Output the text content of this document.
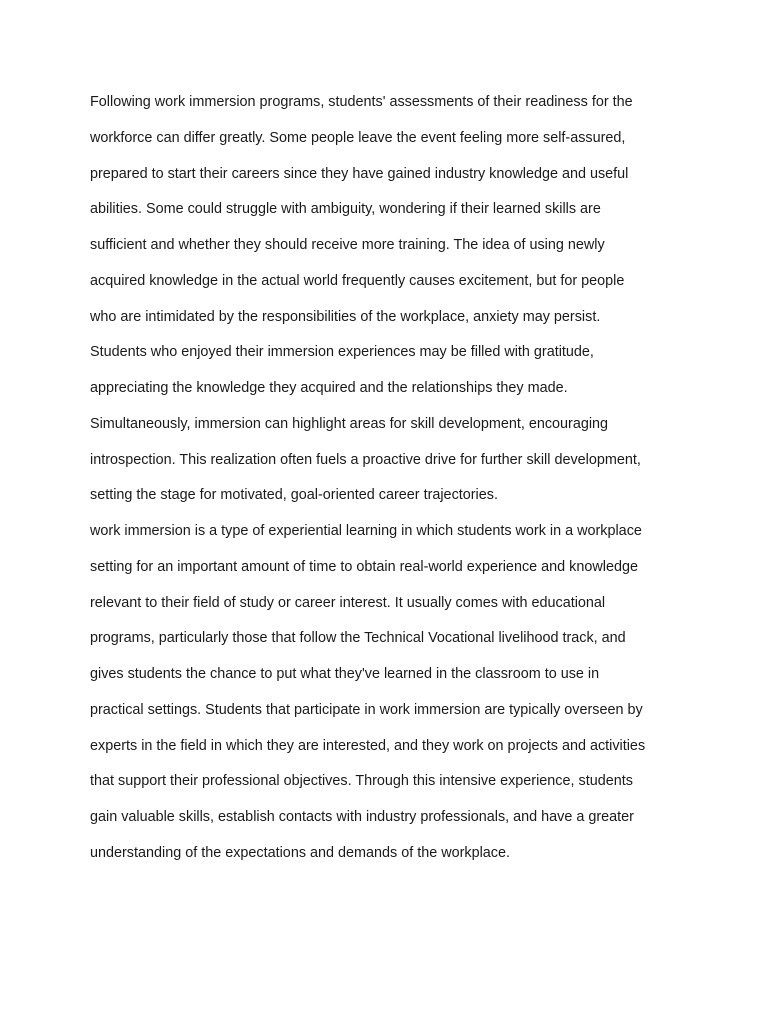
Following work immersion programs, students' assessments of their readiness for the
workforce can differ greatly. Some people leave the event feeling more self-assured,
prepared to start their careers since they have gained industry knowledge and useful
abilities. Some could struggle with ambiguity, wondering if their learned skills are
sufficient and whether they should receive more training. The idea of using newly
acquired knowledge in the actual world frequently causes excitement, but for people
who are intimidated by the responsibilities of the workplace, anxiety may persist.
Students who enjoyed their immersion experiences may be filled with gratitude,
appreciating the knowledge they acquired and the relationships they made.
Simultaneously, immersion can highlight areas for skill development, encouraging
introspection. This realization often fuels a proactive drive for further skill development,
setting the stage for motivated, goal-oriented career trajectories.
work immersion is a type of experiential learning in which students work in a workplace
setting for an important amount of time to obtain real-world experience and knowledge
relevant to their field of study or career interest. It usually comes with educational
programs, particularly those that follow the Technical Vocational livelihood track, and
gives students the chance to put what they've learned in the classroom to use in
practical settings. Students that participate in work immersion are typically overseen by
experts in the field in which they are interested, and they work on projects and activities
that support their professional objectives. Through this intensive experience, students
gain valuable skills, establish contacts with industry professionals, and have a greater
understanding of the expectations and demands of the workplace.
